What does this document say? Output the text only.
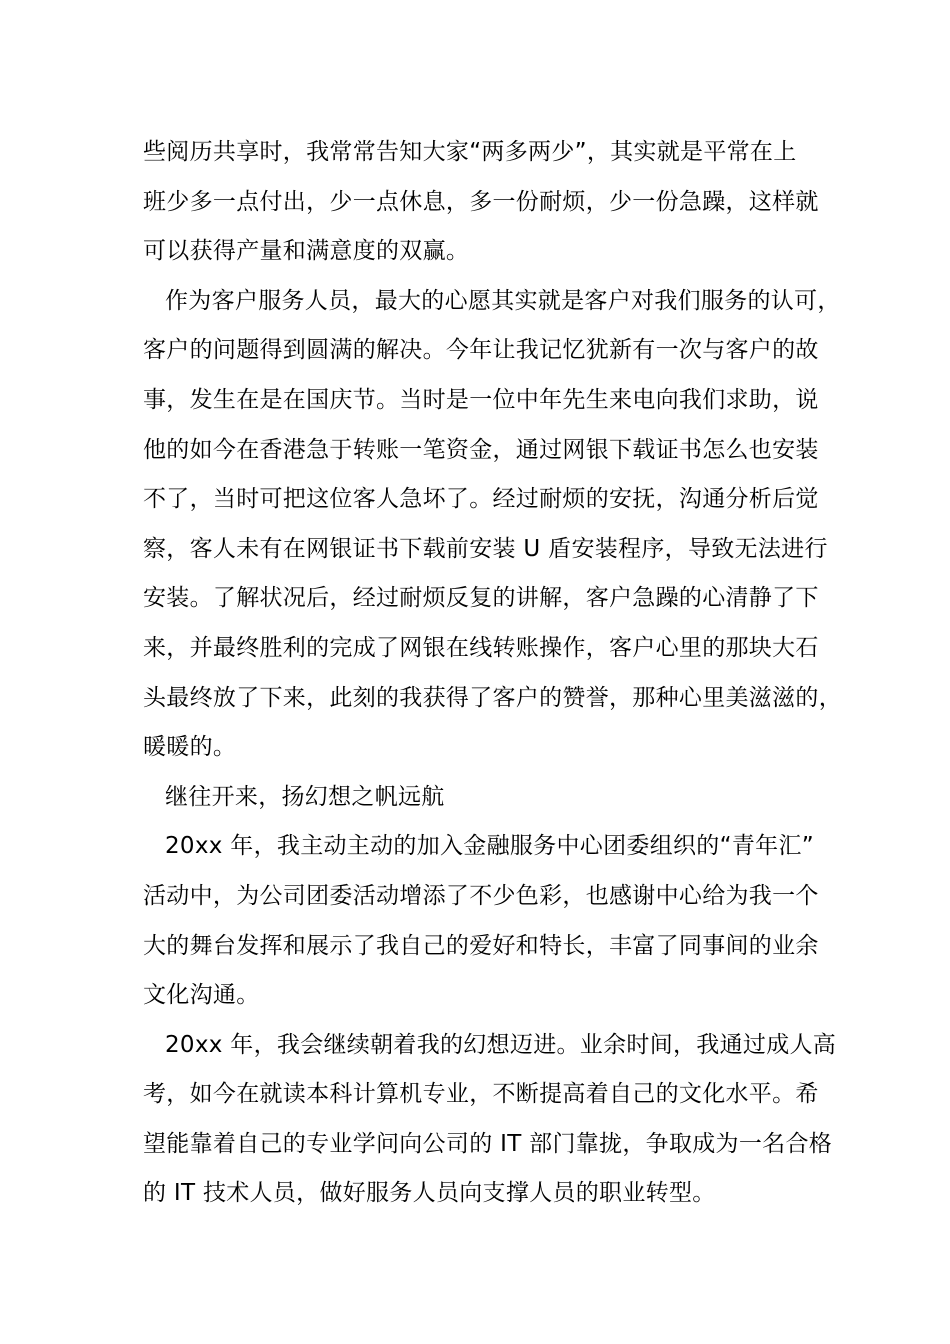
些阅历共享时，我常常告知大家“两多两少”，其实就是平常在上
班少多一点付出，少一点休息，多一份耐烦，少一份急躁，这样就
可以获得产量和满意度的双赢。
作为客户服务人员，最大的心愿其实就是客户对我们服务的认可，
客户的问题得到圆满的解决。今年让我记忆犹新有一次与客户的故
事，发生在是在国庆节。当时是一位中年先生来电向我们求助，说
他的如今在香港急于转账一笔资金，通过网银下载证书怎么也安装
不了，当时可把这位客人急坏了。经过耐烦的安抚，沟通分析后觉
察，客人未有在网银证书下载前安装 U 盾安装程序，导致无法进行
安装。了解状况后，经过耐烦反复的讲解，客户急躁的心清静了下
来，并最终胜利的完成了网银在线转账操作，客户心里的那块大石
头最终放了下来，此刻的我获得了客户的赞誉，那种心里美滋滋的，
暖暖的。
继往开来，扬幻想之帆远航
20xx 年，我主动主动的加入金融服务中心团委组织的“青年汇”
活动中，为公司团委活动增添了不少色彩，也感谢中心给为我一个
大的舞台发挥和展示了我自己的爱好和特长，丰富了同事间的业余
文化沟通。
20xx 年，我会继续朝着我的幻想迈进。业余时间，我通过成人高
考，如今在就读本科计算机专业，不断提高着自己的文化水平。希
望能靠着自己的专业学问向公司的 IT 部门靠拢，争取成为一名合格
的 IT 技术人员，做好服务人员向支撑人员的职业转型。
